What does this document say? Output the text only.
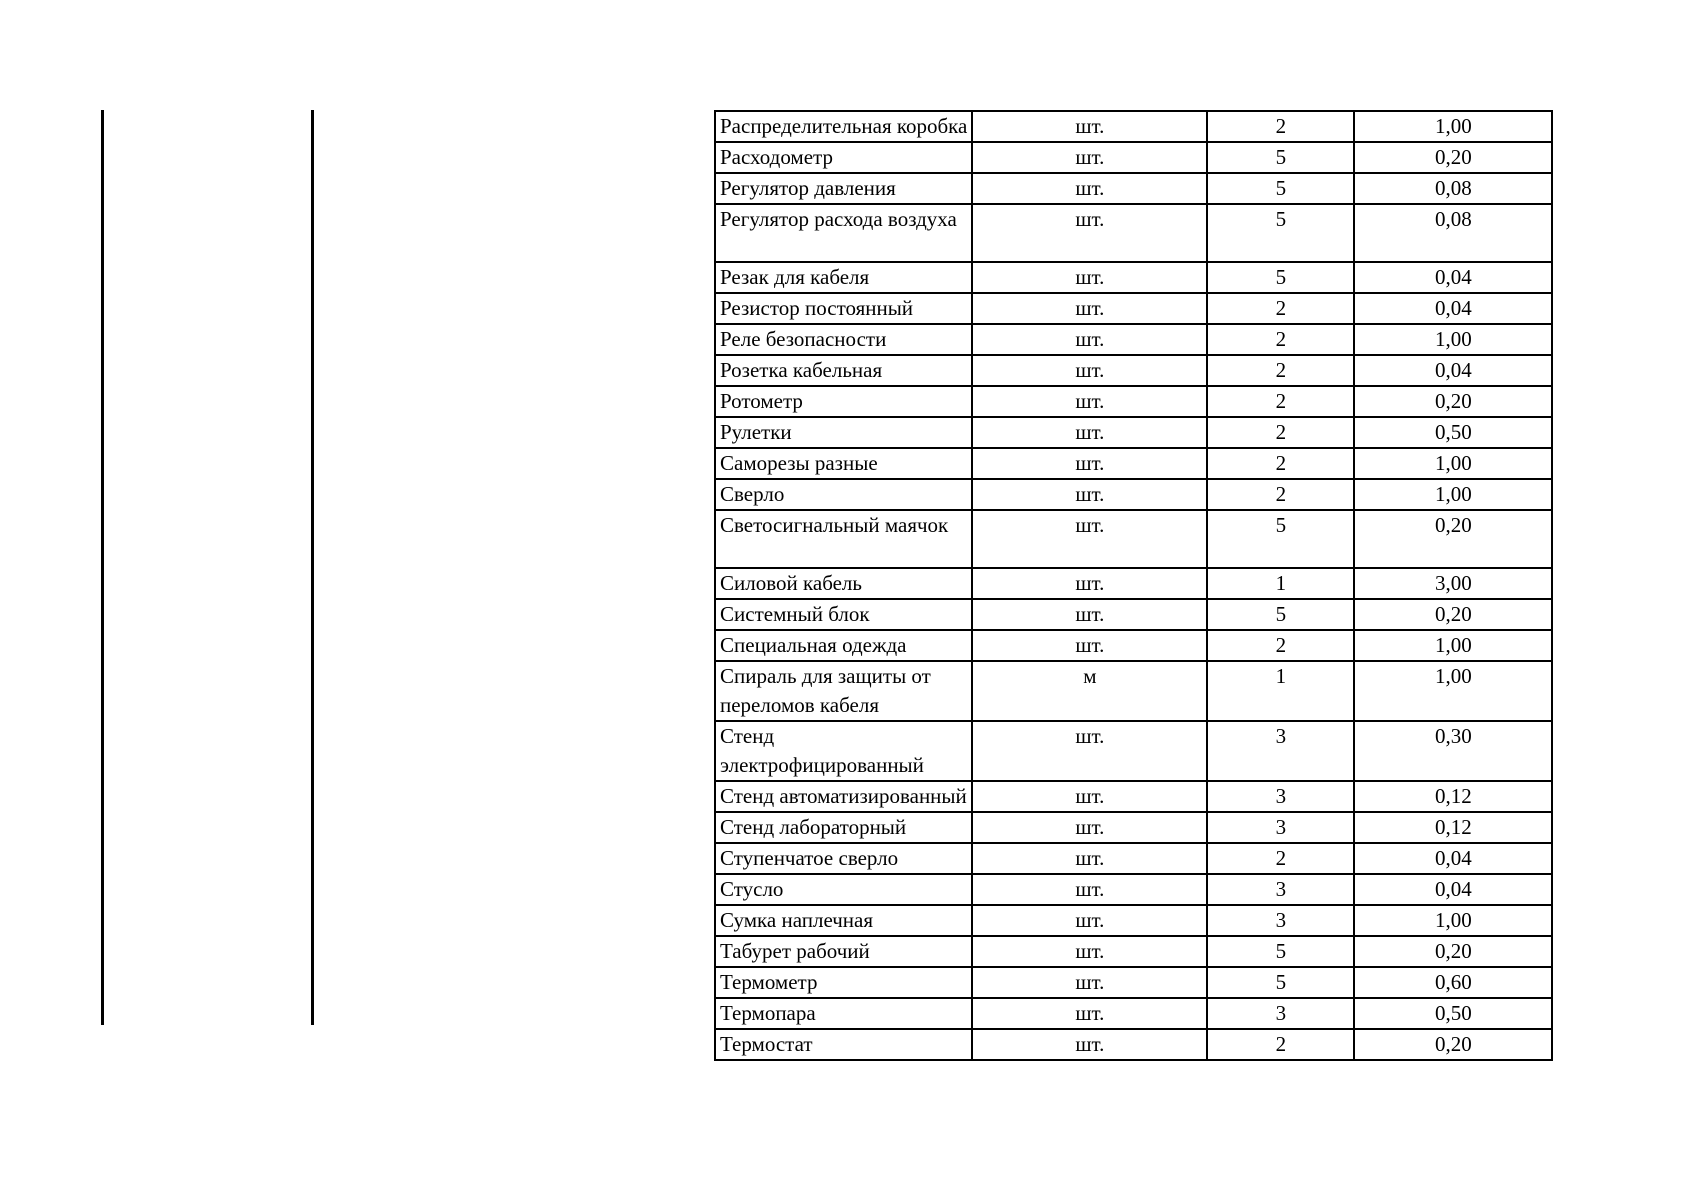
Распределительная коробка	шт.	2	1,00
Расходометр	шт.	5	0,20
Регулятор давления	шт.	5	0,08
Регулятор расхода воздуха	шт.	5	0,08
Резак для кабеля	шт.	5	0,04
Резистор постоянный	шт.	2	0,04
Реле безопасности	шт.	2	1,00
Розетка кабельная	шт.	2	0,04
Ротометр	шт.	2	0,20
Рулетки	шт.	2	0,50
Саморезы разные	шт.	2	1,00
Сверло	шт.	2	1,00
Светосигнальный маячок	шт.	5	0,20
Силовой кабель	шт.	1	3,00
Системный блок	шт.	5	0,20
Специальная одежда	шт.	2	1,00
Спираль для защиты от переломов кабеля	м	1	1,00
Стенд электрофицированный	шт.	3	0,30
Стенд автоматизированный	шт.	3	0,12
Стенд лабораторный	шт.	3	0,12
Ступенчатое сверло	шт.	2	0,04
Стусло	шт.	3	0,04
Сумка наплечная	шт.	3	1,00
Табурет рабочий	шт.	5	0,20
Термометр	шт.	5	0,60
Термопара	шт.	3	0,50
Термостат	шт.	2	0,20
